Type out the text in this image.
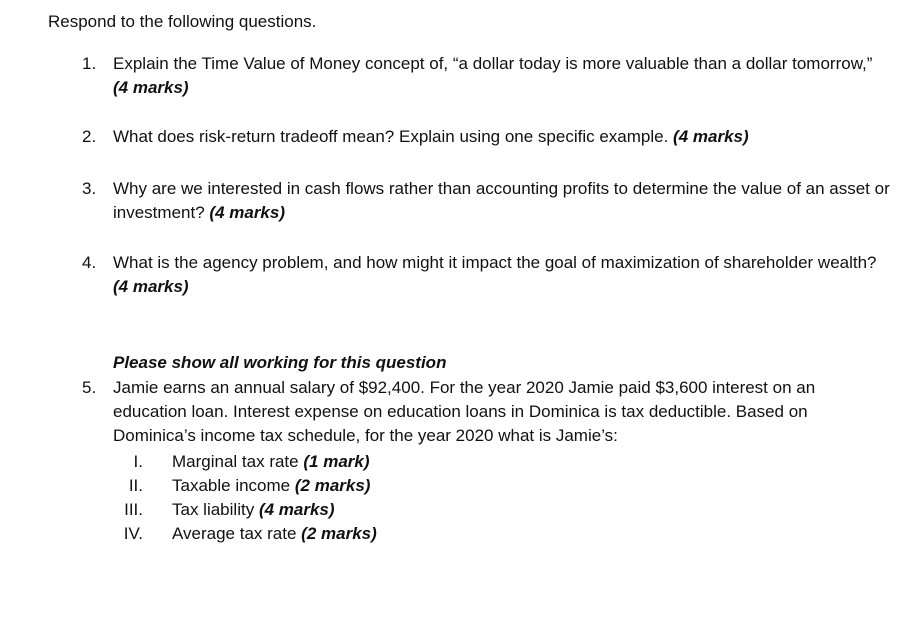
Respond to the following questions.
1. Explain the Time Value of Money concept of, “a dollar today is more valuable than a dollar tomorrow,” (4 marks)
2. What does risk-return tradeoff mean? Explain using one specific example. (4 marks)
3. Why are we interested in cash flows rather than accounting profits to determine the value of an asset or investment? (4 marks)
4. What is the agency problem, and how might it impact the goal of maximization of shareholder wealth? (4 marks)
Please show all working for this question
5. Jamie earns an annual salary of $92,400. For the year 2020 Jamie paid $3,600 interest on an education loan. Interest expense on education loans in Dominica is tax deductible. Based on Dominica’s income tax schedule, for the year 2020 what is Jamie’s:
I. Marginal tax rate (1 mark)
II. Taxable income (2 marks)
III. Tax liability (4 marks)
IV. Average tax rate (2 marks)
